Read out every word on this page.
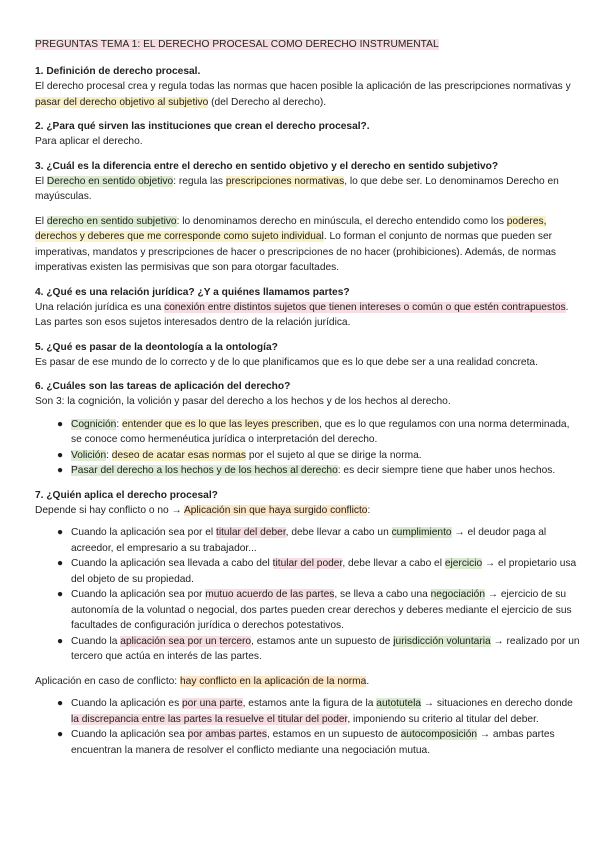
PREGUNTAS TEMA 1: EL DERECHO PROCESAL COMO DERECHO INSTRUMENTAL
1. Definición de derecho procesal.
El derecho procesal crea y regula todas las normas que hacen posible la aplicación de las prescripciones normativas y pasar del derecho objetivo al subjetivo (del Derecho al derecho).
2. ¿Para qué sirven las instituciones que crean el derecho procesal?.
Para aplicar el derecho.
3. ¿Cuál es la diferencia entre el derecho en sentido objetivo y el derecho en sentido subjetivo?
El Derecho en sentido objetivo: regula las prescripciones normativas, lo que debe ser. Lo denominamos Derecho en mayúsculas.
El derecho en sentido subjetivo: lo denominamos derecho en minúscula, el derecho entendido como los poderes, derechos y deberes que me corresponde como sujeto individual. Lo forman el conjunto de normas que pueden ser imperativas, mandatos y prescripciones de hacer o prescripciones de no hacer (prohibiciones). Además, de normas imperativas existen las permisivas que son para otorgar facultades.
4. ¿Qué es una relación jurídica? ¿Y a quiénes llamamos partes?
Una relación jurídica es una conexión entre distintos sujetos que tienen intereses o común o que estén contrapuestos. Las partes son esos sujetos interesados dentro de la relación jurídica.
5. ¿Qué es pasar de la deontología a la ontología?
Es pasar de ese mundo de lo correcto y de lo que planificamos que es lo que debe ser a una realidad concreta.
6. ¿Cuáles son las tareas de aplicación del derecho?
Son 3: la cognición, la volición y pasar del derecho a los hechos y de los hechos al derecho.
● Cognición: entender que es lo que las leyes prescriben, que es lo que regulamos con una norma determinada, se conoce como hermenéutica jurídica o interpretación del derecho.
● Volición: deseo de acatar esas normas por el sujeto al que se dirige la norma.
● Pasar del derecho a los hechos y de los hechos al derecho: es decir siempre tiene que haber unos hechos.
7. ¿Quién aplica el derecho procesal?
Depende si hay conflicto o no → Aplicación sin que haya surgido conflicto:
● Cuando la aplicación sea por el titular del deber, debe llevar a cabo un cumplimiento → el deudor paga al acreedor, el empresario a su trabajador...
● Cuando la aplicación sea llevada a cabo del titular del poder, debe llevar a cabo el ejercicio → el propietario usa del objeto de su propiedad.
● Cuando la aplicación sea por mutuo acuerdo de las partes, se lleva a cabo una negociación → ejercicio de su autonomía de la voluntad o negocial, dos partes pueden crear derechos y deberes mediante el ejercicio de sus facultades de configuración jurídica o derechos potestativos.
● Cuando la aplicación sea por un tercero, estamos ante un supuesto de jurisdicción voluntaria → realizado por un tercero que actúa en interés de las partes.
Aplicación en caso de conflicto: hay conflicto en la aplicación de la norma.
● Cuando la aplicación es por una parte, estamos ante la figura de la autotutela → situaciones en derecho donde la discrepancia entre las partes la resuelve el titular del poder, imponiendo su criterio al titular del deber.
● Cuando la aplicación sea por ambas partes, estamos en un supuesto de autocomposición → ambas partes encuentran la manera de resolver el conflicto mediante una negociación mutua.
